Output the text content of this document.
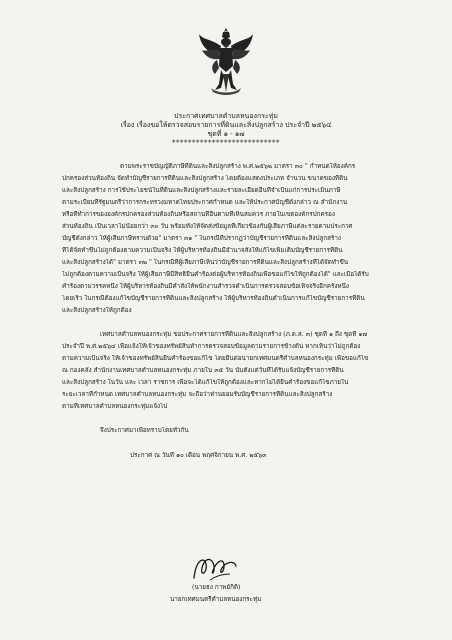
ประกาศเทศบาลตำบลหนองกระทุ่ม
เรื่อง เรื่องขอให้ตรวจสอบรายการที่ดินและสิ่งปลูกสร้าง ประจำปี ๒๕๖๔
ชุดที่ ๑ - ๑๗
***************************
ตามพระราชบัญญัติภาษีที่ดินและสิ่งปลูกสร้าง พ.ศ.๒๕๖๒ มาตรา ๓๐ " กำหนดให้องค์กร
ปกครองส่วนท้องถิ่น จัดทำบัญชีรายการที่ดินและสิ่งปลูกสร้าง โดยต้องแสดงประเภท จำนวน ขนาดของที่ดิน
และสิ่งปลูกสร้าง การใช้ประโยชน์ในที่ดินและสิ่งปลูกสร้างและรายละเอียดอื่นที่จำเป็นแก่การประเมินภาษี
ตามระเบียบที่รัฐมนตรีว่าการกระทรวงมหาดไทยประกาศกำหนด และให้ประกาศบัญชีดังกล่าว ณ สำนักงาน
หรือที่ทำการขององค์กรปกครองส่วนท้องถิ่นหรือสถานที่อื่นตามที่เห็นสมควร ภายในเขตองค์กรปกครอง
ส่วนท้องถิ่น เป็นเวลาไม่น้อยกว่า ๓๐ วัน พร้อมทั้งให้จัดส่งข้อมูลที่เกี่ยวข้องกับผู้เสียภาษีแต่ละรายตามประกาศ
บัญชีดังกล่าว ให้ผู้เสียภาษีทราบด้วย" มาตรา ๓๑ " ในกรณีที่ปรากฏว่าบัญชีรายการที่ดินและสิ่งปลูกสร้าง
ที่ได้จัดทำขึ้นไม่ถูกต้องตามความเป็นจริง ให้ผู้บริหารท้องถิ่นมีอำนาจสั่งให้แก้ไขเพิ่มเติมบัญชีรายการที่ดิน
และสิ่งปลูกสร้างได้" มาตรา ๓๒ " ในกรณีที่ผู้เสียภาษีเห็นว่าบัญชีรายการที่ดินและสิ่งปลูกสร้างที่ได้จัดทำขึ้น
ไม่ถูกต้องตามความเป็นจริง ให้ผู้เสียภาษีมีสิทธิยื่นคำร้องต่อผู้บริหารท้องถิ่นเพื่อขอแก้ไขให้ถูกต้องได้" และเมื่อได้รับ
คำร้องตามวรรคหนึ่ง ให้ผู้บริหารท้องถิ่นมีคำสั่งให้พนักงานสำรวจดำเนินการตรวจสอบข้อเท็จจริงอีกครั้งหนึ่ง
โดยเร็ว ในกรณีต้องแก้ไขบัญชีรายการที่ดินและสิ่งปลูกสร้าง ให้ผู้บริหารท้องถิ่นดำเนินการแก้ไขบัญชีรายการที่ดิน
และสิ่งปลูกสร้างให้ถูกต้อง
เทศบาลตำบลหนองกระทุ่ม ขอประกาศรายการที่ดินและสิ่งปลูกสร้าง (ภ.ด.ส. ๓) ชุดที่ ๑ ถึง ชุดที่ ๑๗
ประจำปี พ.ศ.๒๕๖๔ เพื่อแจ้งให้เจ้าของทรัพย์สินทำการตรวจสอบข้อมูลตามรายการข้างต้น หากเห็นว่าไม่ถูกต้อง
ตามความเป็นจริง ให้เจ้าของทรัพย์สินยื่นคำร้องขอแก้ไข โดยยื่นต่อนายกเทศมนตรีตำบลหนองกระทุ่ม เพื่อขอแก้ไข
ณ กองคลัง สำนักงานเทศบาลตำบลหนองกระทุ่ม ภายใน ๓๕ วัน นับตั้งแต่วันที่ได้รับแจ้งบัญชีรายการที่ดิน
และสิ่งปลูกสร้าง ในวัน และ เวลา ราชการ เพื่อจะได้แก้ไขให้ถูกต้องและหากไม่ได้ยื่นคำร้องขอแก้ไขภายใน
ระยะเวลาที่กำหนด เทศบาลตำบลหนองกระทุ่ม จะถือว่าท่านยอมรับบัญชีรายการที่ดินและสิ่งปลูกสร้าง
ตามที่เทศบาลตำบลหนองกระทุ่มแจ้งไป
จึงประกาศมาเพื่อทราบโดยทั่วกัน
ประกาศ ณ วันที่ ๑๐ เดือน พฤศจิกายน พ.ศ. ๒๕๖๓
(นายธง กาพย์กิติ)
นายกเทศมนตรีตำบลหนองกระทุ่ม
